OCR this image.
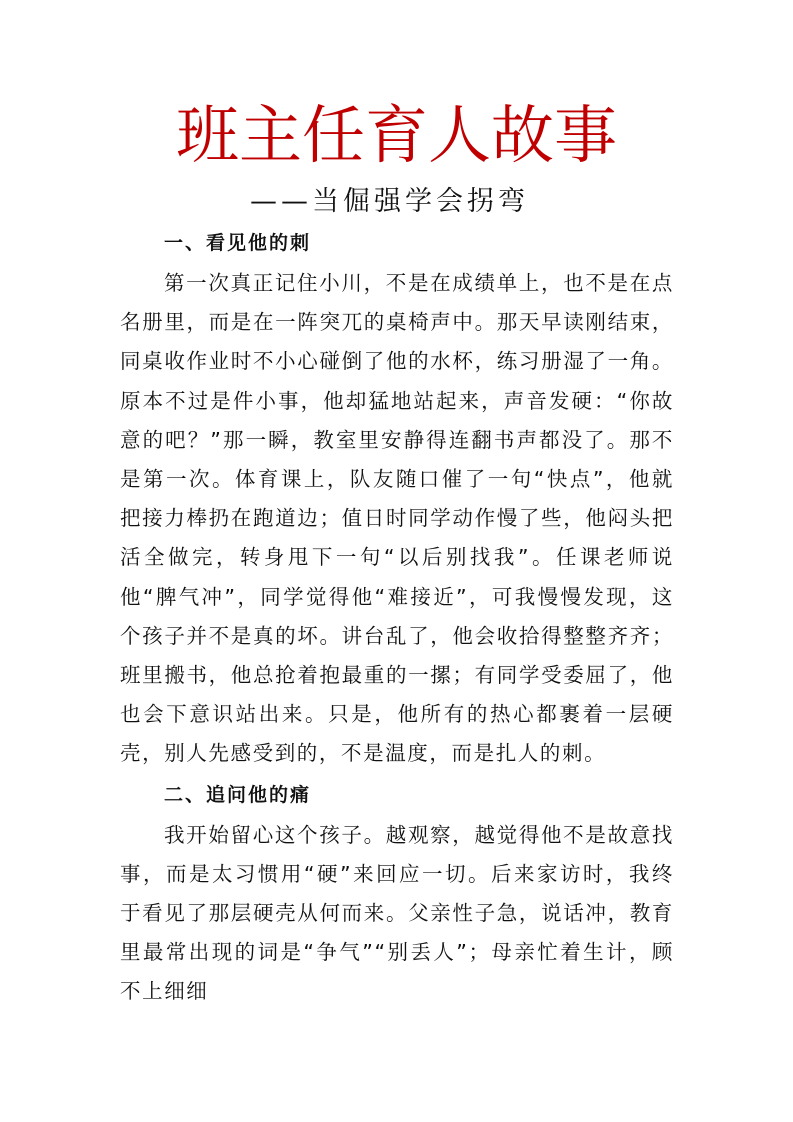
班主任育人故事
——当倔强学会拐弯
一、看见他的刺

第一次真正记住小川，不是在成绩单上，也不是在点名册里，而是在一阵突兀的桌椅声中。那天早读刚结束，同桌收作业时不小心碰倒了他的水杯，练习册湿了一角。原本不过是件小事，他却猛地站起来，声音发硬：“你故意的吧？”那一瞬，教室里安静得连翻书声都没了。那不是第一次。体育课上，队友随口催了一句“快点”，他就把接力棒扔在跑道边；值日时同学动作慢了些，他闷头把活全做完，转身甩下一句“以后别找我”。任课老师说他“脾气冲”，同学觉得他“难接近”，可我慢慢发现，这个孩子并不是真的坏。讲台乱了，他会收拾得整整齐齐；班里搬书，他总抢着抱最重的一摞；有同学受委屈了，他也会下意识站出来。只是，他所有的热心都裹着一层硬壳，别人先感受到的，不是温度，而是扎人的刺。

二、追问他的痛

我开始留心这个孩子。越观察，越觉得他不是故意找事，而是太习惯用“硬”来回应一切。后来家访时，我终于看见了那层硬壳从何而来。父亲性子急，说话冲，教育里最常出现的词是“争气”“别丢人”；母亲忙着生计，顾不上细细
